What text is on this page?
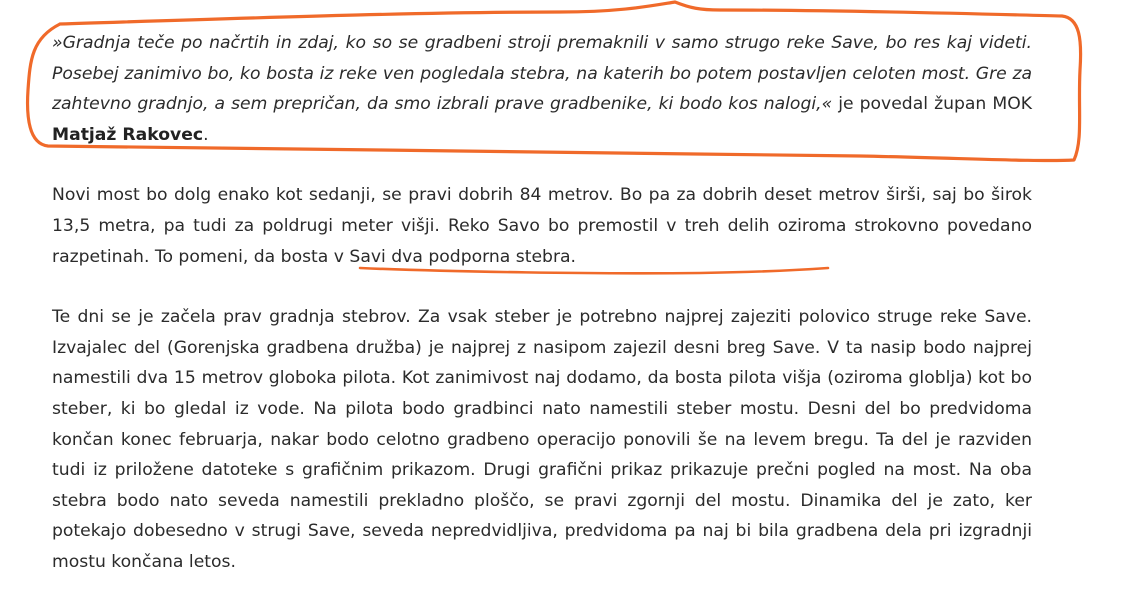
»Gradnja teče po načrtih in zdaj, ko so se gradbeni stroji premaknili v samo strugo reke Save, bo res kaj videti. Posebej zanimivo bo, ko bosta iz reke ven pogledala stebra, na katerih bo potem postavljen celoten most. Gre za zahtevno gradnjo, a sem prepričan, da smo izbrali prave gradbenike, ki bodo kos nalogi,« je povedal župan MOK Matjaž Rakovec.

Novi most bo dolg enako kot sedanji, se pravi dobrih 84 metrov. Bo pa za dobrih deset metrov širši, saj bo širok 13,5 metra, pa tudi za poldrugi meter višji. Reko Savo bo premostil v treh delih oziroma strokovno povedano razpetinah. To pomeni, da bosta v Savi dva podporna stebra.

Te dni se je začela prav gradnja stebrov. Za vsak steber je potrebno najprej zajeziti polovico struge reke Save. Izvajalec del (Gorenjska gradbena družba) je najprej z nasipom zajezil desni breg Save. V ta nasip bodo najprej namestili dva 15 metrov globoka pilota. Kot zanimivost naj dodamo, da bosta pilota višja (oziroma globlja) kot bo steber, ki bo gledal iz vode. Na pilota bodo gradbinci nato namestili steber mostu. Desni del bo predvidoma končan konec februarja, nakar bodo celotno gradbeno operacijo ponovili še na levem bregu. Ta del je razviden tudi iz priložene datoteke s grafičnim prikazom. Drugi grafični prikaz prikazuje prečni pogled na most. Na oba stebra bodo nato seveda namestili prekladno ploščo, se pravi zgornji del mostu. Dinamika del je zato, ker potekajo dobesedno v strugi Save, seveda nepredvidljiva, predvidoma pa naj bi bila gradbena dela pri izgradnji mostu končana letos.
